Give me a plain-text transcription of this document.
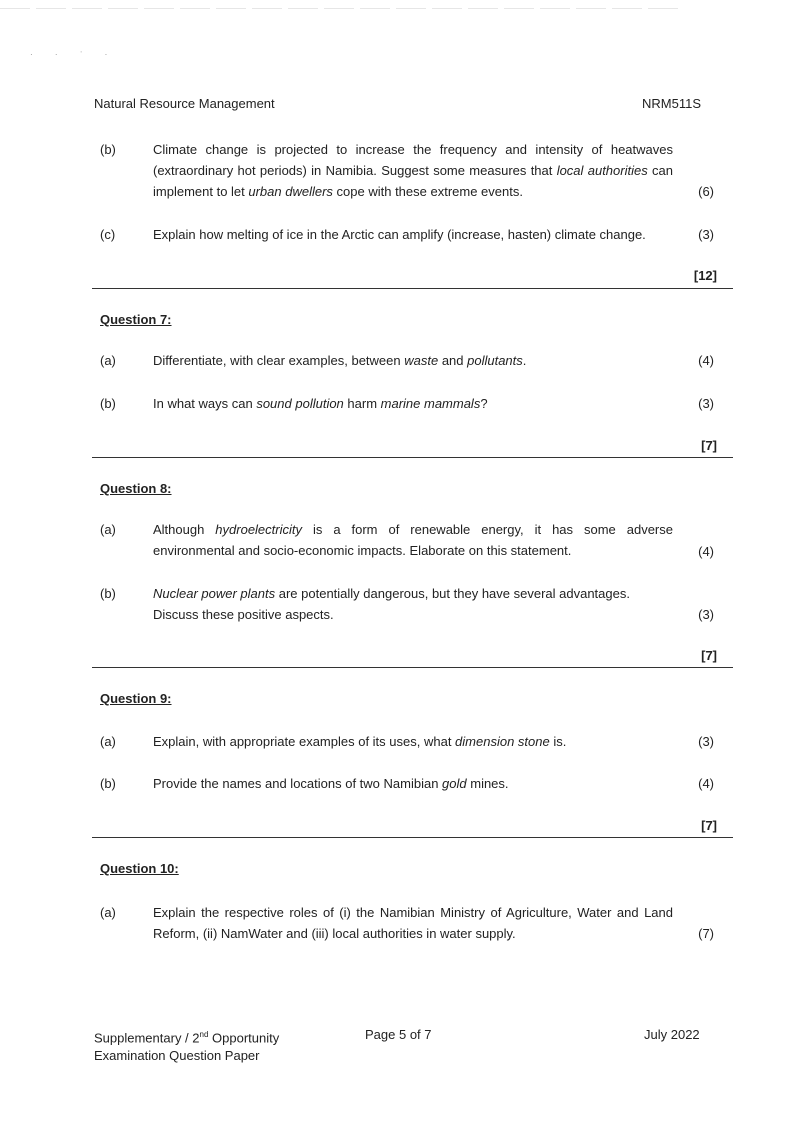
· · ˈ ·
Natural Resource Management	NRM511S
(b)	Climate change is projected to increase the frequency and intensity of heatwaves (extraordinary hot periods) in Namibia. Suggest some measures that local authorities can implement to let urban dwellers cope with these extreme events.	(6)
(c)	Explain how melting of ice in the Arctic can amplify (increase, hasten) climate change.	(3)
[12]
Question 7:
(a)	Differentiate, with clear examples, between waste and pollutants.	(4)
(b)	In what ways can sound pollution harm marine mammals?	(3)
[7]
Question 8:
(a)	Although hydroelectricity is a form of renewable energy, it has some adverse environmental and socio-economic impacts. Elaborate on this statement.	(4)
(b)	Nuclear power plants are potentially dangerous, but they have several advantages.
Discuss these positive aspects.	(3)
[7]
Question 9:
(a)	Explain, with appropriate examples of its uses, what dimension stone is.	(3)
(b)	Provide the names and locations of two Namibian gold mines.	(4)
[7]
Question 10:
(a)	Explain the respective roles of (i) the Namibian Ministry of Agriculture, Water and Land Reform, (ii) NamWater and (iii) local authorities in water supply.	(7)
Supplementary / 2nd Opportunity
Examination Question Paper
Page 5 of 7	July 2022
